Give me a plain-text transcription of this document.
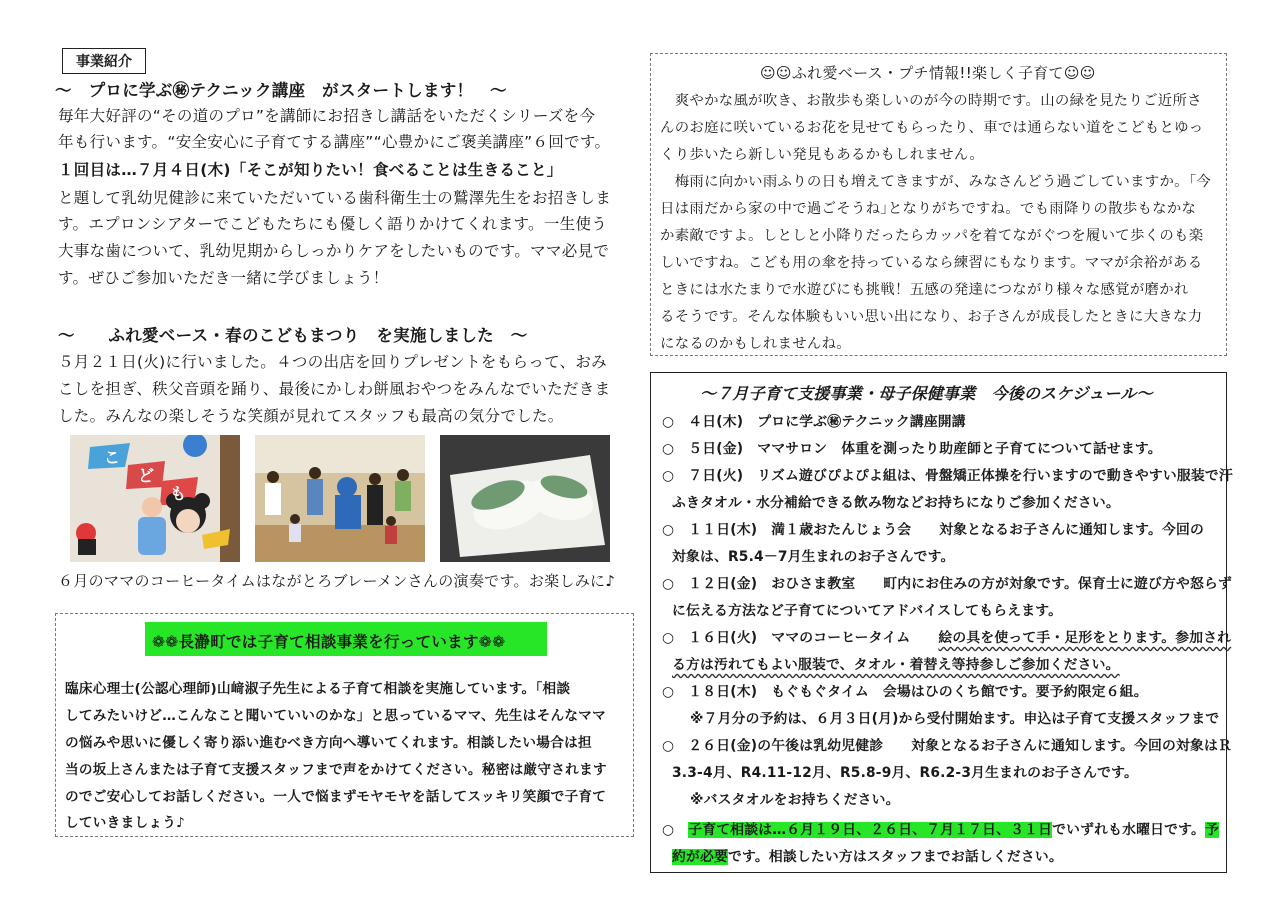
事業紹介
～　プロに学ぶ㊙テクニック講座　がスタートします！　～
毎年大好評の“その道のプロ”を講師にお招きし講話をいただくシリーズを今
年も行います。“安全安心に子育てする講座”“心豊かにご褒美講座”６回です。
１回目は…７月４日(木)「そこが知りたい！食べることは生きること」
と題して乳幼児健診に来ていただいている歯科衛生士の鷲澤先生をお招きしま
す。エプロンシアターでこどもたちにも優しく語りかけてくれます。一生使う
大事な歯について、乳幼児期からしっかりケアをしたいものです。ママ必見で
す。ぜひご参加いただき一緒に学びましょう！
～　　ふれ愛ベース・春のこどもまつり　を実施しました　～
５月２１日(火)に行いました。４つの出店を回りプレゼントをもらって、おみ
こしを担ぎ、秩父音頭を踊り、最後にかしわ餅風おやつをみんなでいただきま
した。みんなの楽しそうな笑顔が見れてスタッフも最高の気分でした。
こ
ど
も
６月のママのコーヒータイムはながとろブレーメンさんの演奏です。お楽しみに♪
❁❁長瀞町では子育て相談事業を行っています❁❁
臨床心理士(公認心理師)山﨑淑子先生による子育て相談を実施しています。「相談
してみたいけど…こんなこと聞いていいのかな」と思っているママ、先生はそんなママ
の悩みや思いに優しく寄り添い進むべき方向へ導いてくれます。相談したい場合は担
当の坂上さんまたは子育て支援スタッフまで声をかけてください。秘密は厳守されます
のでご安心してお話しください。一人で悩まずモヤモヤを話してスッキリ笑顔で子育て
していきましょう♪
☺☺ふれ愛ベース・プチ情報!!楽しく子育て☺☺
　爽やかな風が吹き、お散歩も楽しいのが今の時期です。山の緑を見たりご近所さ
んのお庭に咲いているお花を見せてもらったり、車では通らない道をこどもとゆっ
くり歩いたら新しい発見もあるかもしれません。
　梅雨に向かい雨ふりの日も増えてきますが、みなさんどう過ごしていますか。｢今
日は雨だから家の中で過ごそうね｣となりがちですね。でも雨降りの散歩もなかな
か素敵ですよ。しとしと小降りだったらカッパを着てながぐつを履いて歩くのも楽
しいですね。こども用の傘を持っているなら練習にもなります。ママが余裕がある
ときには水たまりで水遊びにも挑戦！五感の発達につながり様々な感覚が磨かれ
るそうです。そんな体験もいい思い出になり、お子さんが成長したときに大きな力
になるのかもしれませんね。
～７月子育て支援事業・母子保健事業　今後のスケジュール～
○　４日(木)　プロに学ぶ㊙テクニック講座開講
○　５日(金)　ママサロン　体重を測ったり助産師と子育てについて話せます。
○　７日(火)　リズム遊びぴよぴよ組は、骨盤矯正体操を行いますので動きやすい服装で汗
ふきタオル・水分補給できる飲み物などお持ちになりご参加ください。
○　１１日(木)　満１歳おたんじょう会　　対象となるお子さんに通知します。今回の
対象は、R5.4－7月生まれのお子さんです。
○　１２日(金)　おひさま教室　　町内にお住みの方が対象です。保育士に遊び方や怒らず
に伝える方法など子育てについてアドバイスしてもらえます。
○　１６日(火)　ママのコーヒータイム　　絵の具を使って手・足形をとります。参加され
る方は汚れてもよい服装で、タオル・着替え等持参しご参加ください。
○　１８日(木)　もぐもぐタイム　会場はひのくち館です。要予約限定６組。
※７月分の予約は、６月３日(月)から受付開始ます。申込は子育て支援スタッフまで
○　２６日(金)の午後は乳幼児健診　　対象となるお子さんに通知します。今回の対象はＲ
3.3-4月、R4.11-12月、R5.8-9月、R6.2-3月生まれのお子さんです。
※バスタオルをお持ちください。
○　子育て相談は…６月１９日、２６日、７月１７日、３１日でいずれも水曜日です。予
約が必要です。相談したい方はスタッフまでお話しください。
